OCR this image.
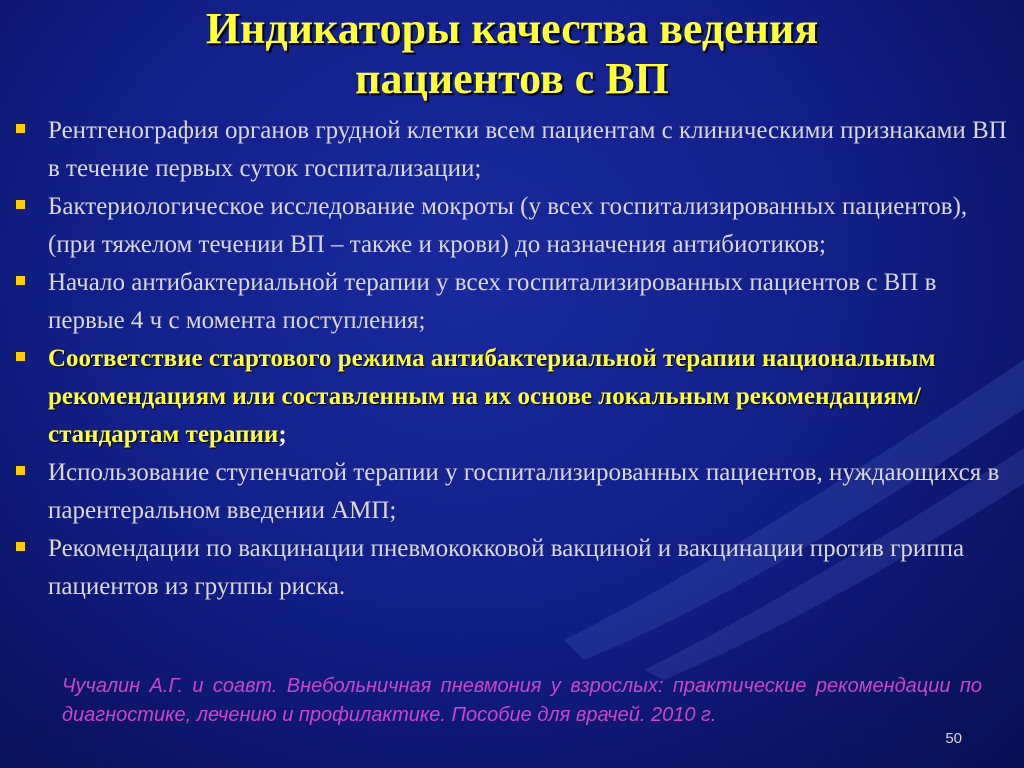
Индикаторы качества ведения
пациентов с ВП
Рентгенография органов грудной клетки всем пациентам с клиническими признаками ВП в течение первых суток госпитализации;
Бактериологическое исследование мокроты (у всех госпитализированных пациентов), (при тяжелом течении ВП – также и крови) до назначения антибиотиков;
Начало антибактериальной терапии у всех госпитализированных пациентов с ВП в первые 4 ч с момента поступления;
Соответствие стартового режима антибактериальной терапии национальным рекомендациям или составленным на их основе локальным рекомендациям/стандартам терапии;
Использование ступенчатой терапии у госпитализированных пациентов, нуждающихся в парентеральном введении АМП;
Рекомендации по вакцинации пневмококковой вакциной и вакцинации против гриппа пациентов из группы риска.
Чучалин А.Г. и соавт. Внебольничная пневмония у взрослых: практические рекомендации по диагностике, лечению и профилактике. Пособие для врачей. 2010 г.
50
